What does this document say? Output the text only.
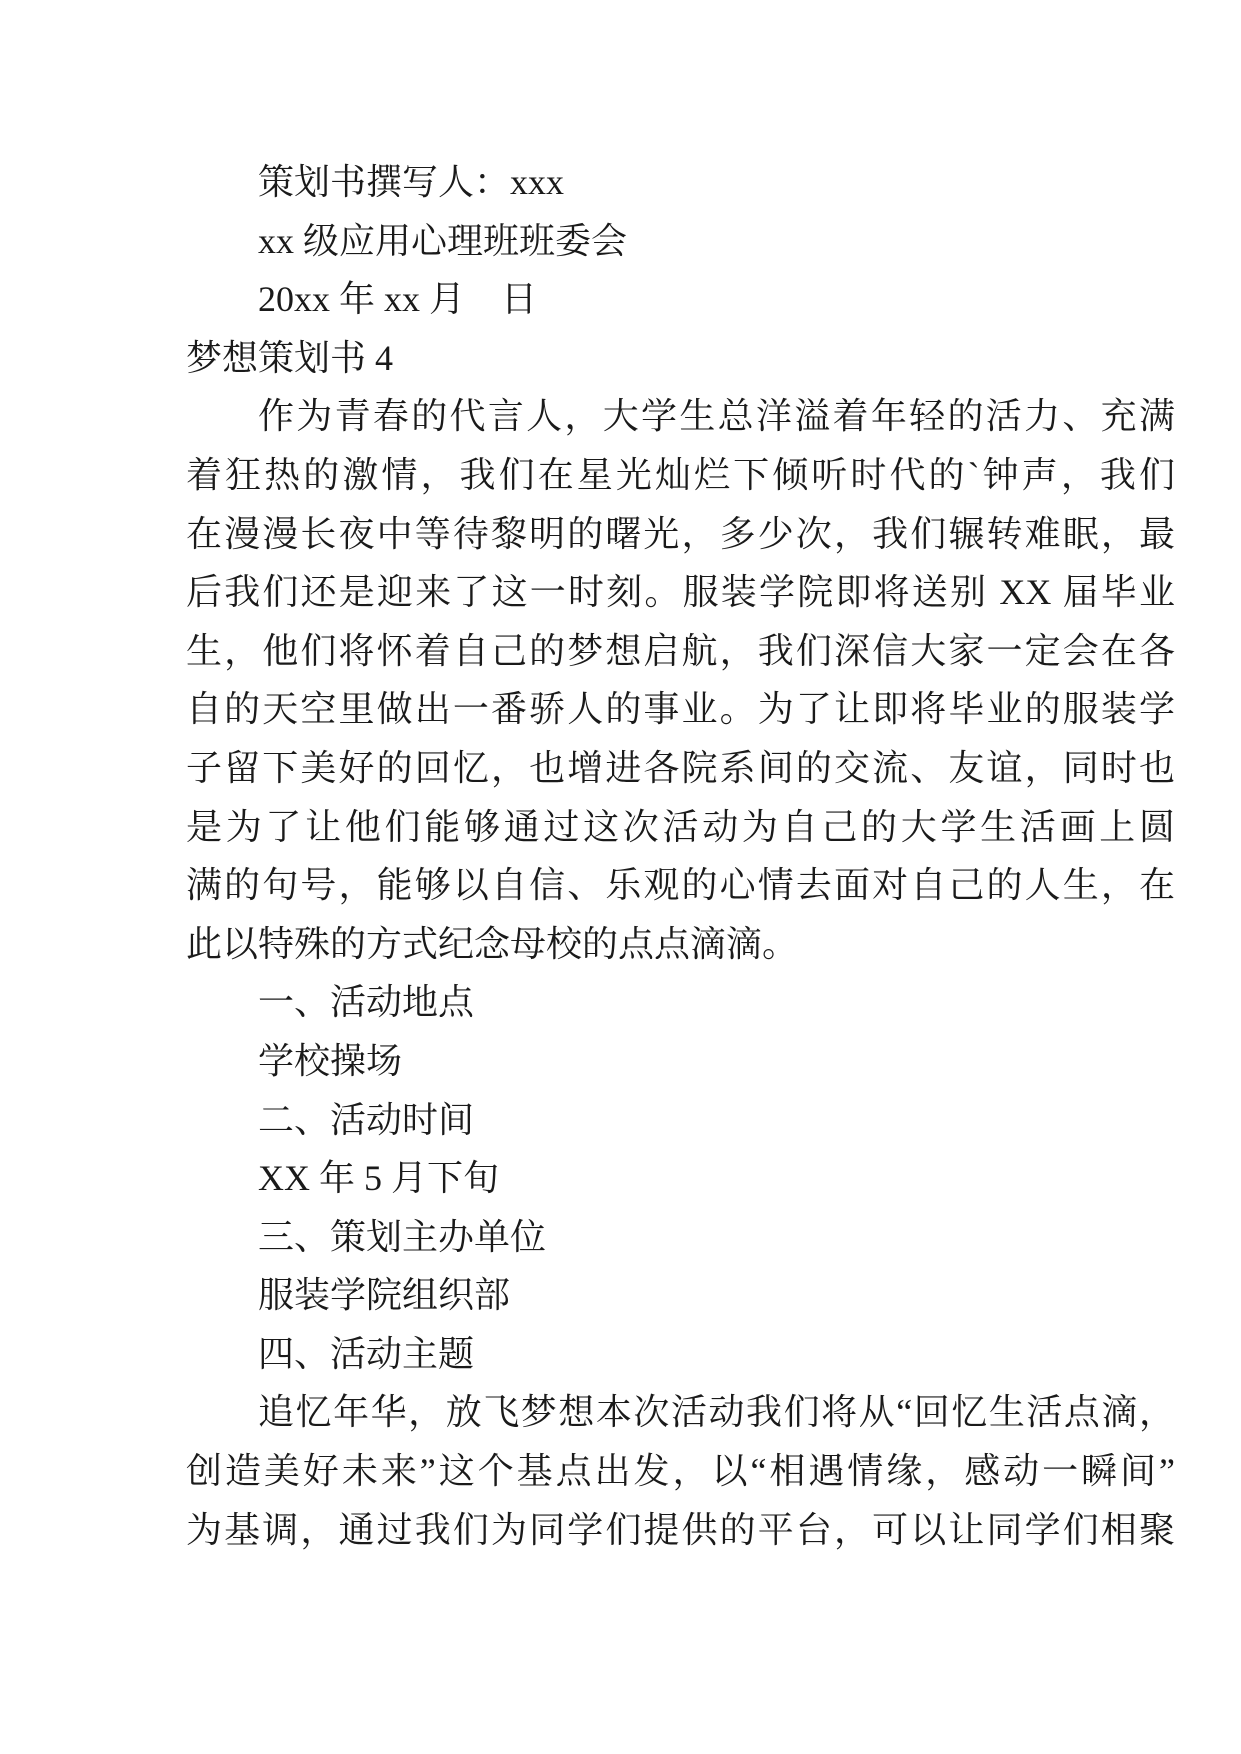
策划书撰写人：xxx
xx 级应用心理班班委会
20xx 年 xx 月　日
梦想策划书 4
作为青春的代言人，大学生总洋溢着年轻的活力、充满
着狂热的激情，我们在星光灿烂下倾听时代的`钟声，我们
在漫漫长夜中等待黎明的曙光，多少次，我们辗转难眠，最
后我们还是迎来了这一时刻。服装学院即将送别 XX 届毕业
生，他们将怀着自己的梦想启航，我们深信大家一定会在各
自的天空里做出一番骄人的事业。为了让即将毕业的服装学
子留下美好的回忆，也增进各院系间的交流、友谊，同时也
是为了让他们能够通过这次活动为自己的大学生活画上圆
满的句号，能够以自信、乐观的心情去面对自己的人生，在
此以特殊的方式纪念母校的点点滴滴。
一、活动地点
学校操场
二、活动时间
XX 年 5 月下旬
三、策划主办单位
服装学院组织部
四、活动主题
追忆年华，放飞梦想本次活动我们将从“回忆生活点滴，
创造美好未来”这个基点出发，以“相遇情缘，感动一瞬间”
为基调，通过我们为同学们提供的平台，可以让同学们相聚
